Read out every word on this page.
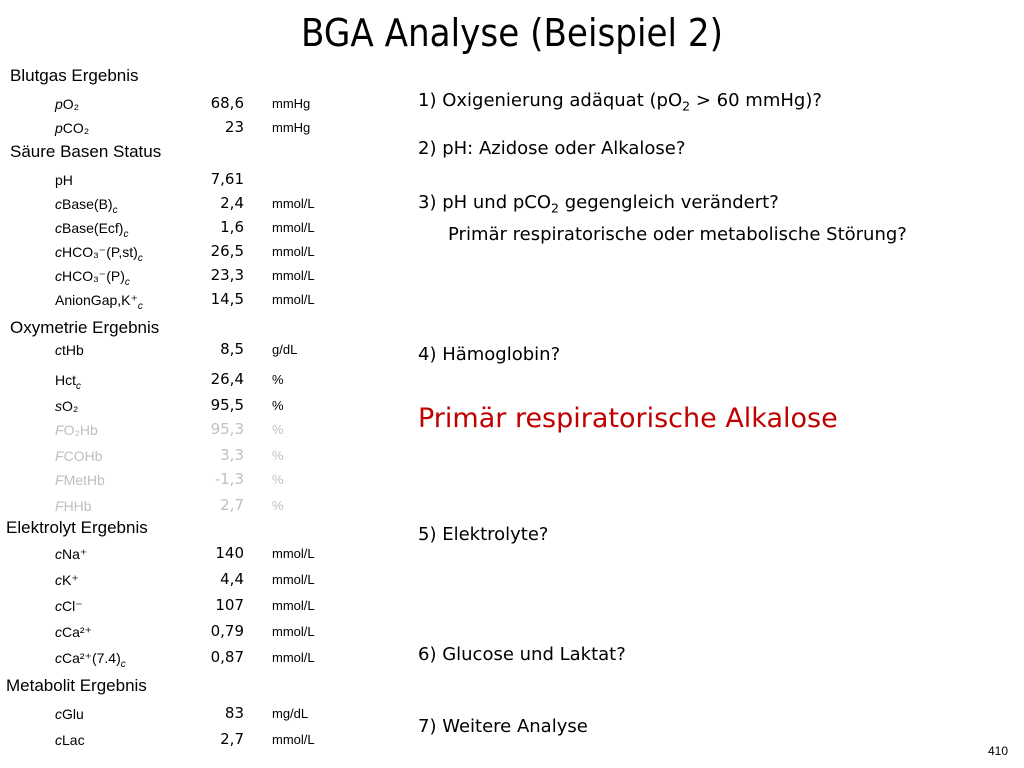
BGA Analyse (Beispiel 2)
Blutgas Ergebnis
Säure Basen Status
Oxymetrie Ergebnis
Elektrolyt Ergebnis
Metabolit Ergebnis
pO₂	68,6 mmHg
pCO₂	23 mmHg
pH	7,61
$cBase(B)_c$	2,4 mmol/L
$cBase(Ecf)_c$	1,6 mmol/L
$cHCO_3^-(P,st)_c$	26,5 mmol/L
$cHCO_3^-(P)_c$	23,3 mmol/L
$AnionGap,K^+_c$	14,5 mmol/L
ctHb	8,5 g/dL
Hct$_c$	26,4 %
sO₂	95,5 %
FO₂Hb	95,3 %
FCOHb	3,3 %
FMetHb	-1,3 %
FHHb	2,7 %
cNa⁺	140 mmol/L
cK⁺	4,4 mmol/L
cCl⁻	107 mmol/L
cCa²⁺	0,79 mmol/L
$cCa^{2+}(7.4)_c$	0,87 mmol/L
cGlu	83 mg/dL
cLac	2,7 mmol/L
1) Oxigenierung adäquat ($pO_2 > 60$ mmHg)?
2) pH: Azidose oder Alkalose?
3) pH und pCO$_2$ gegengleich verändert?
Primär respiratorische oder metabolische Störung?
4) Hämoglobin?
Primär respiratorische Alkalose
5) Elektrolyte?
6) Glucose und Laktat?
7) Weitere Analyse
410
